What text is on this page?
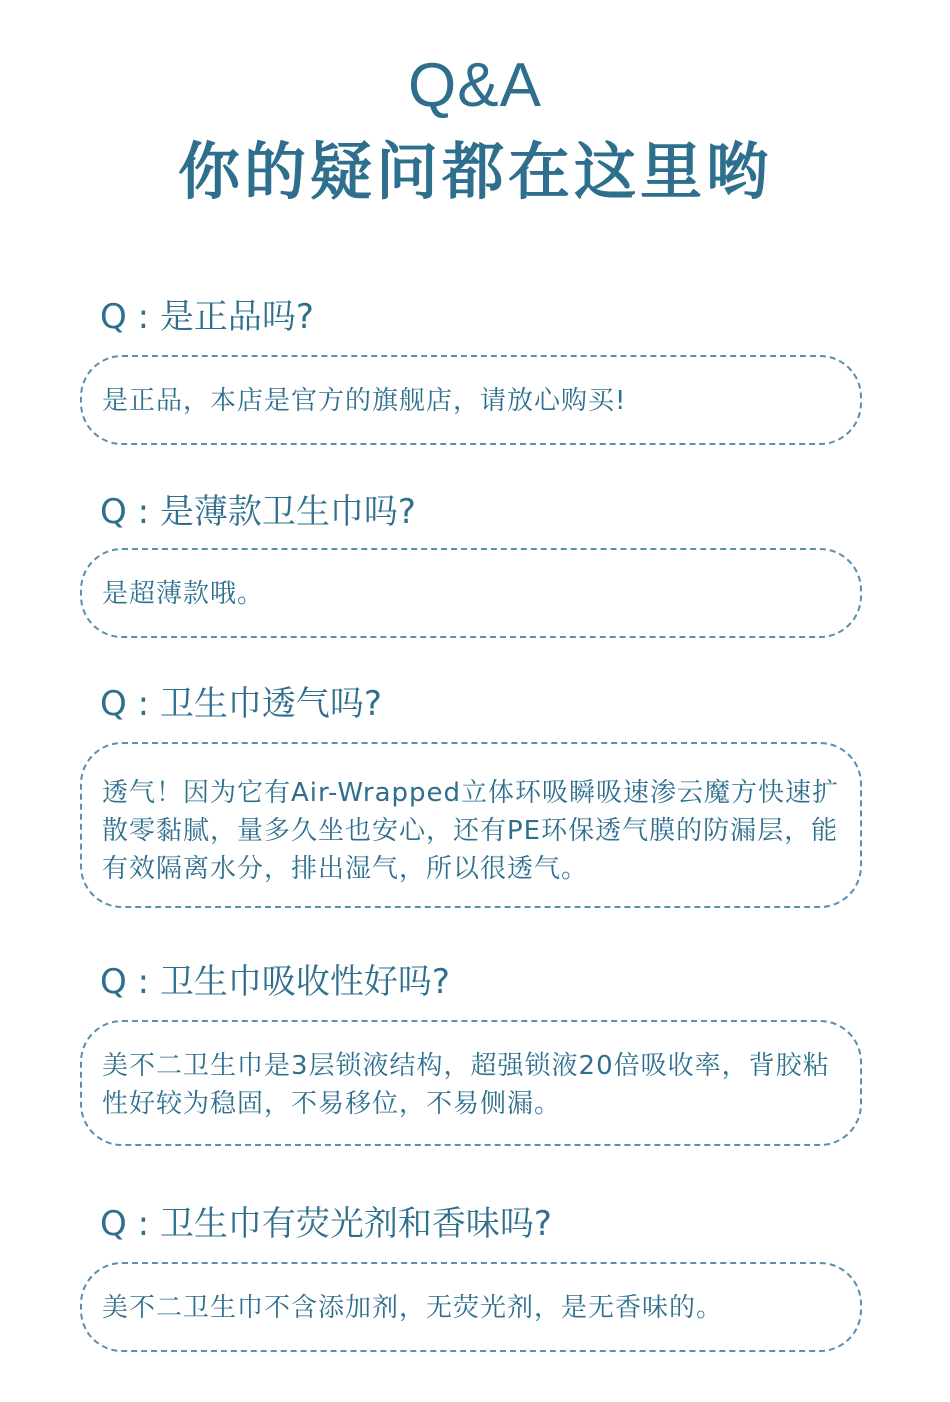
Q&A
你的疑问都在这里哟
Q : 是正品吗?
是正品，本店是官方的旗舰店，请放心购买!
Q : 是薄款卫生巾吗?
是超薄款哦。
Q : 卫生巾透气吗?
透气！因为它有Air-Wrapped立体环吸瞬吸速渗云魔方快速扩散零黏腻，量多久坐也安心，还有PE环保透气膜的防漏层，能有效隔离水分，排出湿气，所以很透气。
Q : 卫生巾吸收性好吗?
美不二卫生巾是3层锁液结构，超强锁液20倍吸收率，背胶粘性好较为稳固，不易移位，不易侧漏。
Q : 卫生巾有荧光剂和香味吗?
美不二卫生巾不含添加剂，无荧光剂，是无香味的。
